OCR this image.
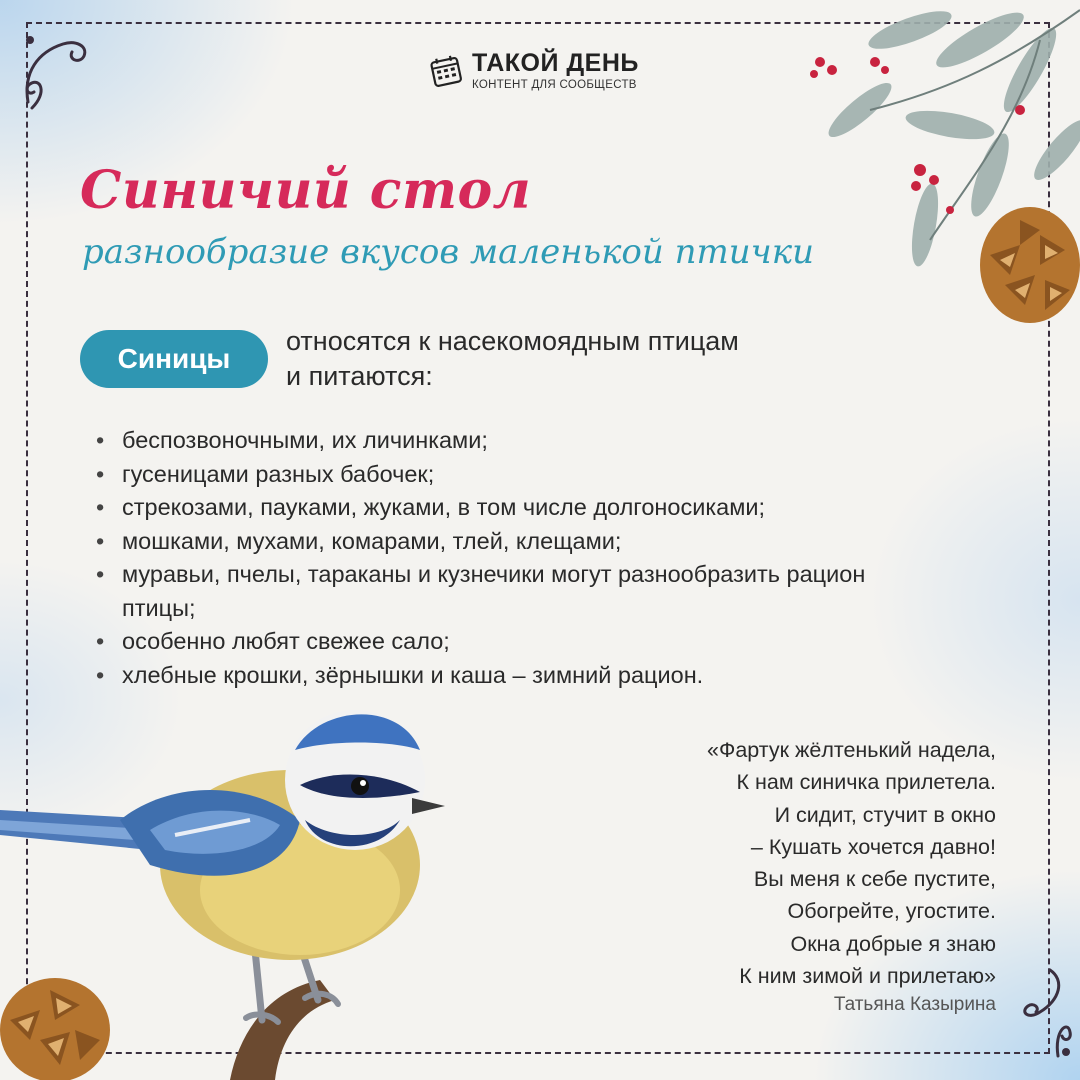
ТАКОЙ ДЕНЬ
КОНТЕНТ ДЛЯ СООБЩЕСТВ
Синичий стол
разнообразие вкусов маленькой птички
Синицы
относятся к насекомоядным птицам
и питаются:
• беспозвоночными, их личинками;
• гусеницами разных бабочек;
• стрекозами, пауками, жуками, в том числе долгоносиками;
• мошками, мухами, комарами, тлей, клещами;
• муравьи, пчелы, тараканы и кузнечики могут разнообразить рацион птицы;
• особенно любят свежее сало;
• хлебные крошки, зёрнышки и каша – зимний рацион.
«Фартук жёлтенький надела,
К нам синичка прилетела.
И сидит, стучит в окно
– Кушать хочется давно!
Вы меня к себе пустите,
Обогрейте, угостите.
Окна добрые я знаю
К ним зимой и прилетаю»
Татьяна Казырина
